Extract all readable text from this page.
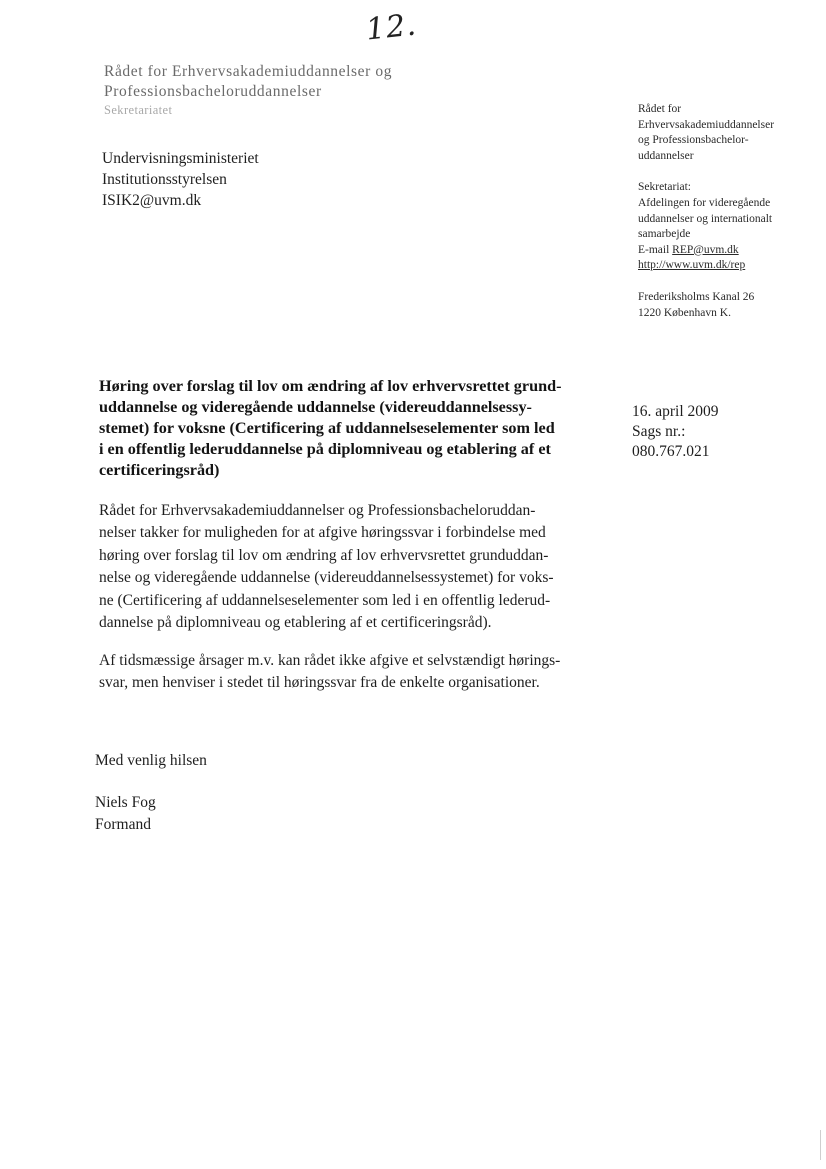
12.
Rådet for Erhvervsakademiuddannelser og
Professionsbacheloruddannelser
Sekretariatet
Undervisningsministeriet
Institutionsstyrelsen
ISIK2@uvm.dk
Rådet for
Erhvervsakademiuddannelser
og Professionsbachelor-
uddannelser
Sekretariat:
Afdelingen for videregående
uddannelser og internationalt
samarbejde
E-mail REP@uvm.dk
http://www.uvm.dk/rep
Frederiksholms Kanal 26
1220 København K.
16. april 2009
Sags nr.:
080.767.021
Høring over forslag til lov om ændring af lov erhvervsrettet grund-
uddannelse og videregående uddannelse (videreuddannelsessy-
stemet) for voksne (Certificering af uddannelseselementer som led
i en offentlig lederuddannelse på diplomniveau og etablering af et
certificeringsråd)
Rådet for Erhvervsakademiuddannelser og Professionsbacheloruddan-
nelser takker for muligheden for at afgive høringssvar i forbindelse med
høring over forslag til lov om ændring af lov erhvervsrettet grunduddan-
nelse og videregående uddannelse (videreuddannelsessystemet) for voks-
ne (Certificering af uddannelseselementer som led i en offentlig lederud-
dannelse på diplomniveau og etablering af et certificeringsråd).
Af tidsmæssige årsager m.v. kan rådet ikke afgive et selvstændigt hørings-
svar, men henviser i stedet til høringssvar fra de enkelte organisationer.
Med venlig hilsen
Niels Fog
Formand
